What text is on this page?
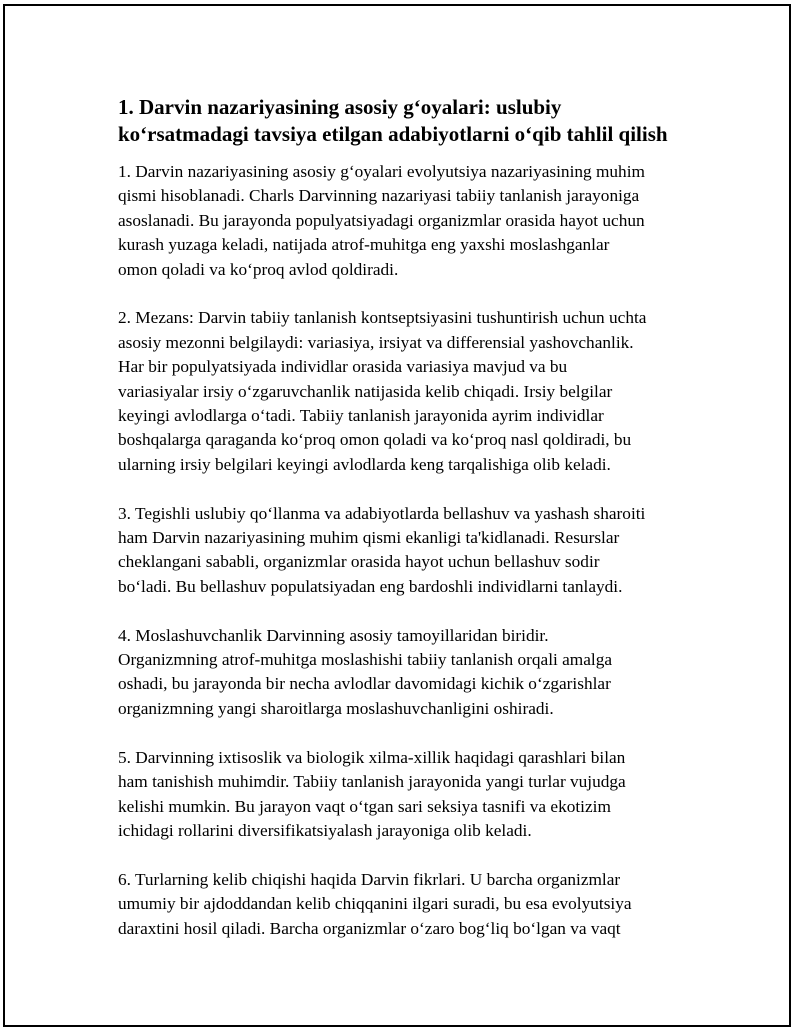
1. Darvin nazariyasining asosiy g‘oyalari: uslubiy
ko‘rsatmadagi tavsiya etilgan adabiyotlarni o‘qib tahlil qilish

1. Darvin nazariyasining asosiy g‘oyalari evolyutsiya nazariyasining muhim
qismi hisoblanadi. Charls Darvinning nazariyasi tabiiy tanlanish jarayoniga
asoslanadi. Bu jarayonda populyatsiyadagi organizmlar orasida hayot uchun
kurash yuzaga keladi, natijada atrof-muhitga eng yaxshi moslashganlar
omon qoladi va ko‘proq avlod qoldiradi.

2. Mezans: Darvin tabiiy tanlanish kontseptsiyasini tushuntirish uchun uchta
asosiy mezonni belgilaydi: variasiya, irsiyat va differensial yashovchanlik.
Har bir populyatsiyada individlar orasida variasiya mavjud va bu
variasiyalar irsiy o‘zgaruvchanlik natijasida kelib chiqadi. Irsiy belgilar
keyingi avlodlarga o‘tadi. Tabiiy tanlanish jarayonida ayrim individlar
boshqalarga qaraganda ko‘proq omon qoladi va ko‘proq nasl qoldiradi, bu
ularning irsiy belgilari keyingi avlodlarda keng tarqalishiga olib keladi.

3. Tegishli uslubiy qo‘llanma va adabiyotlarda bellashuv va yashash sharoiti
ham Darvin nazariyasining muhim qismi ekanligi ta'kidlanadi. Resurslar
cheklangani sababli, organizmlar orasida hayot uchun bellashuv sodir
bo‘ladi. Bu bellashuv populatsiyadan eng bardoshli individlarni tanlaydi.

4. Moslashuvchanlik Darvinning asosiy tamoyillaridan biridir.
Organizmning atrof-muhitga moslashishi tabiiy tanlanish orqali amalga
oshadi, bu jarayonda bir necha avlodlar davomidagi kichik o‘zgarishlar
organizmning yangi sharoitlarga moslashuvchanligini oshiradi.

5. Darvinning ixtisoslik va biologik xilma-xillik haqidagi qarashlari bilan
ham tanishish muhimdir. Tabiiy tanlanish jarayonida yangi turlar vujudga
kelishi mumkin. Bu jarayon vaqt o‘tgan sari seksiya tasnifi va ekotizim
ichidagi rollarini diversifikatsiyalash jarayoniga olib keladi.

6. Turlarning kelib chiqishi haqida Darvin fikrlari. U barcha organizmlar
umumiy bir ajdoddandan kelib chiqqanini ilgari suradi, bu esa evolyutsiya
daraxtini hosil qiladi. Barcha organizmlar o‘zaro bog‘liq bo‘lgan va vaqt
